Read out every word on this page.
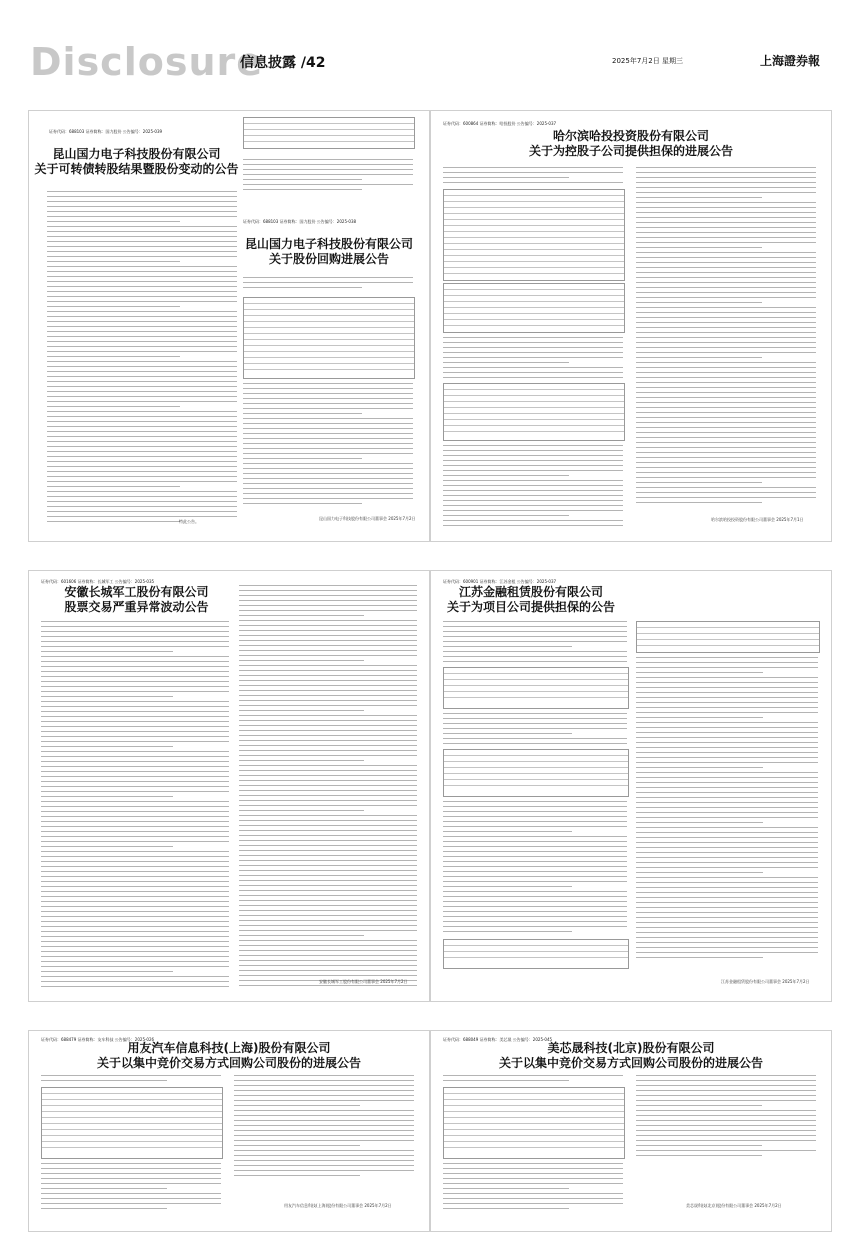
Disclosure
信息披露 /42	2025年7月2日 星期三	上海證券報
证券代码：688103 证券简称：国力股份 公告编号：2025-039
昆山国力电子科技股份有限公司
关于可转债转股结果暨股份变动的公告
特此公告。
证券代码：688103 证券简称：国力股份 公告编号：2025-038
昆山国力电子科技股份有限公司
关于股份回购进展公告
昆山国力电子科技股份有限公司董事会 2025年7月2日
证券代码：600864 证券简称：哈投股份 公告编号：2025-037
哈尔滨哈投投资股份有限公司
关于为控股子公司提供担保的进展公告
哈尔滨哈投投资股份有限公司董事会 2025年7月1日
证券代码：601606 证券简称：长城军工 公告编号：2025-035
安徽长城军工股份有限公司
股票交易严重异常波动公告
安徽长城军工股份有限公司董事会 2025年7月2日
证券代码：600901 证券简称：江苏金租 公告编号：2025-037
江苏金融租赁股份有限公司
关于为项目公司提供担保的公告
江苏金融租赁股份有限公司董事会 2025年7月2日
证券代码：688479 证券简称：友车科技 公告编号：2025-026
用友汽车信息科技(上海)股份有限公司
关于以集中竞价交易方式回购公司股份的进展公告
用友汽车信息科技(上海)股份有限公司董事会 2025年7月2日
证券代码：688049 证券简称：美芯晟 公告编号：2025-045
美芯晟科技(北京)股份有限公司
关于以集中竞价交易方式回购公司股份的进展公告
美芯晟科技(北京)股份有限公司董事会 2025年7月2日
